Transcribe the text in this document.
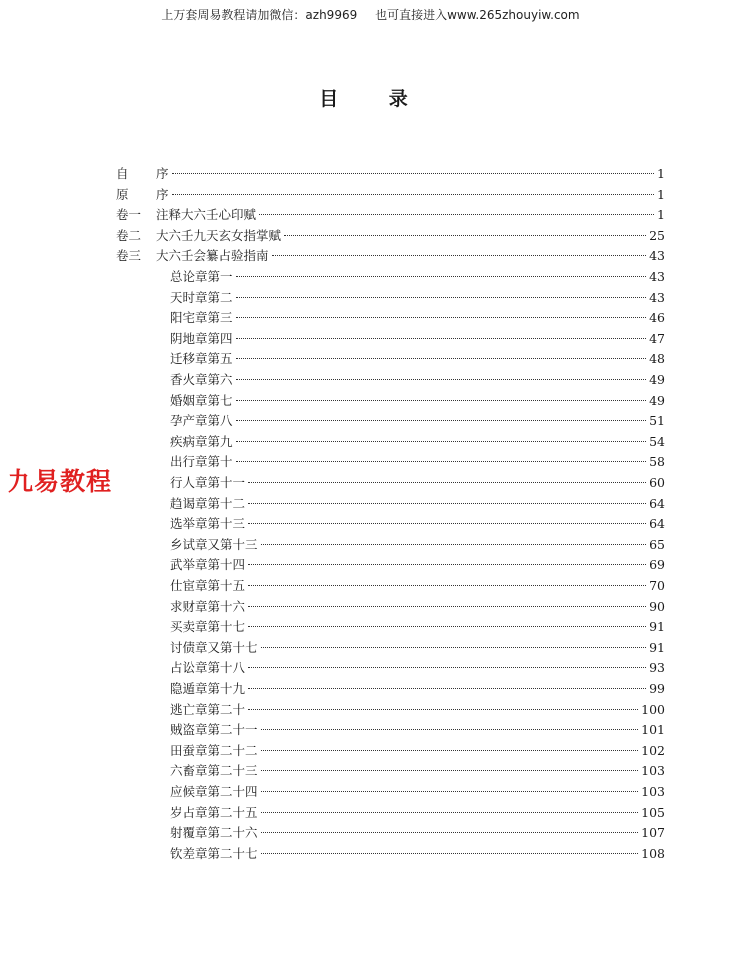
上万套周易教程请加微信：azh9969 也可直接进入www.265zhouyiw.com
目 录
九易教程
自	序	1
原	序	1
卷一	注释大六壬心印赋	1
卷二	大六壬九天玄女指掌赋	25
卷三	大六壬会纂占验指南	43
总论章第一	43
天时章第二	43
阳宅章第三	46
阴地章第四	47
迁移章第五	48
香火章第六	49
婚姻章第七	49
孕产章第八	51
疾病章第九	54
出行章第十	58
行人章第十一	60
趋谒章第十二	64
选举章第十三	64
乡试章又第十三	65
武举章第十四	69
仕宦章第十五	70
求财章第十六	90
买卖章第十七	91
讨债章又第十七	91
占讼章第十八	93
隐遁章第十九	99
逃亡章第二十	100
贼盗章第二十一	101
田蚕章第二十二	102
六畜章第二十三	103
应候章第二十四	103
岁占章第二十五	105
射覆章第二十六	107
钦差章第二十七	108
